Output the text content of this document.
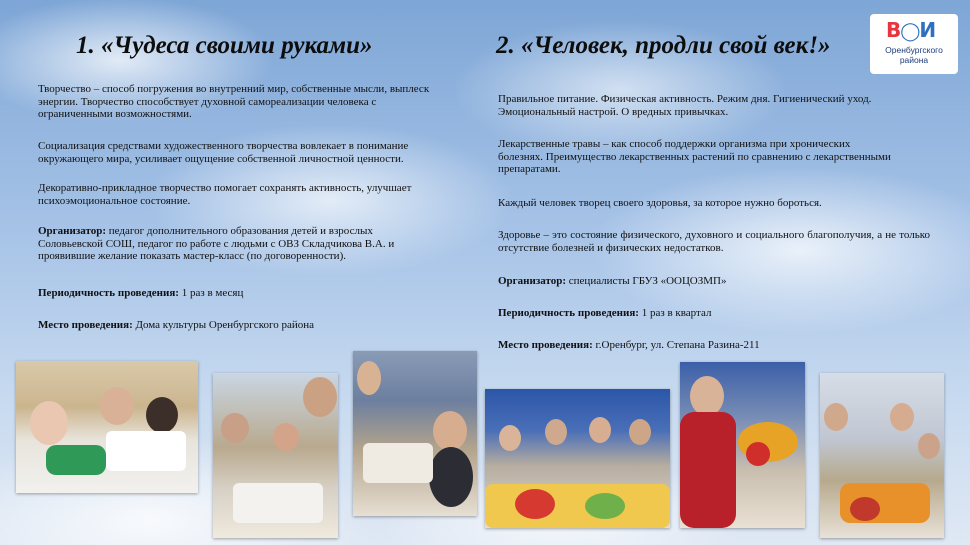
1. «Чудеса своими руками»	2. «Человек, продли свой век!»
В◯И
Оренбургского
района

Творчество – способ погружения во внутренний мир, собственные мысли, выплеск энергии. Творчество способствует духовной самореализации человека с ограниченными возможностями.

Социализация средствами художественного творчества вовлекает в понимание окружающего мира, усиливает ощущение собственной личностной ценности.

Декоративно-прикладное творчество помогает сохранять активность, улучшает психоэмоциональное состояние.

Организатор: педагог дополнительного образования детей и взрослых Соловьевской СОШ, педагог по работе с людьми с ОВЗ Складчикова В.А. и проявившие желание показать мастер-класс (по договоренности).

Периодичность проведения: 1 раз в месяц

Место проведения: Дома культуры Оренбургского района

Правильное питание. Физическая активность. Режим дня. Гигиенический уход. Эмоциональный настрой. О вредных привычках.

Лекарственные травы – как способ поддержки организма при хронических болезнях. Преимущество лекарственных растений по сравнению с лекарственными препаратами.

Каждый человек творец своего здоровья, за которое нужно бороться.

Здоровье – это состояние физического, духовного и социального благополучия, а не только отсутствие болезней и физических недостатков.

Организатор: специалисты ГБУЗ «ООЦОЗМП»

Периодичность проведения: 1 раз в квартал

Место проведения: г.Оренбург, ул. Степана Разина-211
